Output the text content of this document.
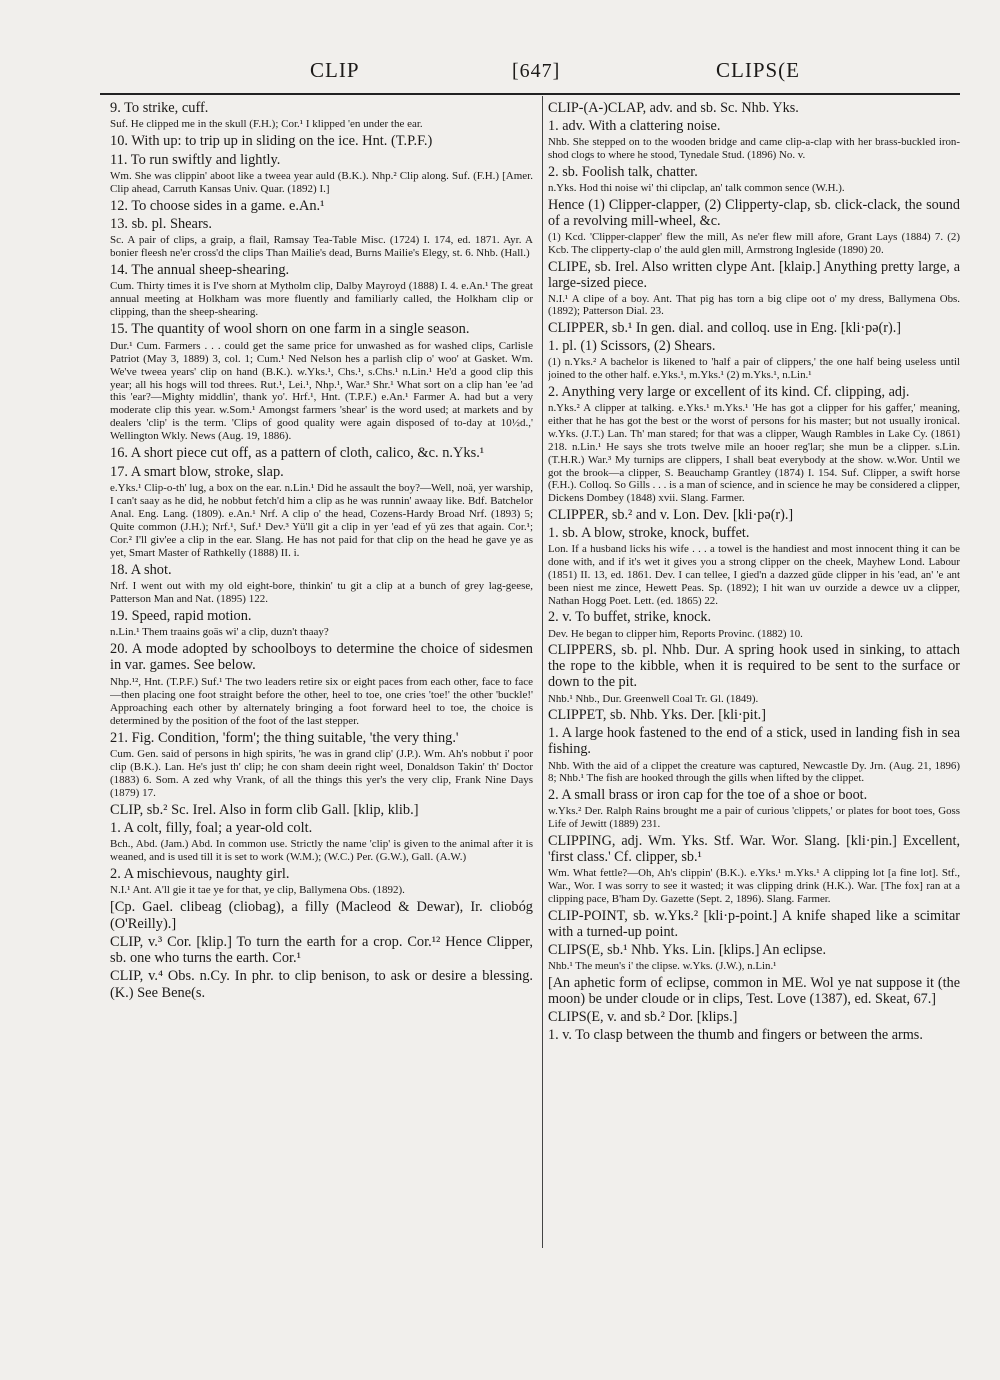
CLIP	[647]	CLIPS(E

9. To strike, cuff.

Suf. He clipped me in the skull (F.H.); Cor.¹ I klipped 'en under the ear.

10. With up: to trip up in sliding on the ice. Hnt. (T.P.F.)

11. To run swiftly and lightly.

Wm. She was clippin' aboot like a tweea year auld (B.K.). Nhp.² Clip along. Suf. (F.H.) [Amer. Clip ahead, Carruth Kansas Univ. Quar. (1892) I.]

12. To choose sides in a game. e.An.¹

13. sb. pl. Shears.

Sc. A pair of clips, a graip, a flail, Ramsay Tea-Table Misc. (1724) I. 174, ed. 1871. Ayr. A bonier fleesh ne'er cross'd the clips Than Mailie's dead, Burns Mailie's Elegy, st. 6. Nhb. (Hall.)

14. The annual sheep-shearing.

Cum. Thirty times it is I've shorn at Mytholm clip, Dalby Mayroyd (1888) I. 4. e.An.¹ The great annual meeting at Holkham was more fluently and familiarly called, the Holkham clip or clipping, than the sheep-shearing.

15. The quantity of wool shorn on one farm in a single season.

Dur.¹ Cum. Farmers . . . could get the same price for unwashed as for washed clips, Carlisle Patriot (May 3, 1889) 3, col. 1; Cum.¹ Ned Nelson hes a parlish clip o' woo' at Gasket. Wm. We've tweea years' clip on hand (B.K.). w.Yks.¹, Chs.¹, s.Chs.¹ n.Lin.¹ He'd a good clip this year; all his hogs will tod threes. Rut.¹, Lei.¹, Nhp.¹, War.³ Shr.¹ What sort on a clip han 'ee 'ad this 'ear?—Mighty middlin', thank yo'. Hrf.¹, Hnt. (T.P.F.) e.An.¹ Farmer A. had but a very moderate clip this year. w.Som.¹ Amongst farmers 'shear' is the word used; at markets and by dealers 'clip' is the term. 'Clips of good quality were again disposed of to-day at 10½d.,' Wellington Wkly. News (Aug. 19, 1886).

16. A short piece cut off, as a pattern of cloth, calico, &c. n.Yks.¹

17. A smart blow, stroke, slap.

e.Yks.¹ Clip-o-th' lug, a box on the ear. n.Lin.¹ Did he assault the boy?—Well, noä, yer warship, I can't saay as he did, he nobbut fetch'd him a clip as he was runnin' awaay like. Bdf. Batchelor Anal. Eng. Lang. (1809). e.An.¹ Nrf. A clip o' the head, Cozens-Hardy Broad Nrf. (1893) 5; Quite common (J.H.); Nrf.¹, Suf.¹ Dev.³ Yü'll git a clip in yer 'ead ef yü zes that again. Cor.¹; Cor.² I'll giv'ee a clip in the ear. Slang. He has not paid for that clip on the head he gave ye as yet, Smart Master of Rathkelly (1888) II. i.

18. A shot.

Nrf. I went out with my old eight-bore, thinkin' tu git a clip at a bunch of grey lag-geese, Patterson Man and Nat. (1895) 122.

19. Speed, rapid motion.

n.Lin.¹ Them traains goäs wi' a clip, duzn't thaay?

20. A mode adopted by schoolboys to determine the choice of sidesmen in var. games. See below.

Nhp.¹², Hnt. (T.P.F.) Suf.¹ The two leaders retire six or eight paces from each other, face to face—then placing one foot straight before the other, heel to toe, one cries 'toe!' the other 'buckle!' Approaching each other by alternately bringing a foot forward heel to toe, the choice is determined by the position of the foot of the last stepper.

21. Fig. Condition, 'form'; the thing suitable, 'the very thing.'

Cum. Gen. said of persons in high spirits, 'he was in grand clip' (J.P.). Wm. Ah's nobbut i' poor clip (B.K.). Lan. He's just th' clip; he con sham deein right weel, Donaldson Takin' th' Doctor (1883) 6. Som. A zed why Vrank, of all the things this yer's the very clip, Frank Nine Days (1879) 17.

CLIP, sb.² Sc. Irel. Also in form clib Gall. [klip, klib.]

1. A colt, filly, foal; a year-old colt.

Bch., Abd. (Jam.) Abd. In common use. Strictly the name 'clip' is given to the animal after it is weaned, and is used till it is set to work (W.M.); (W.C.) Per. (G.W.), Gall. (A.W.)

2. A mischievous, naughty girl.

N.I.¹ Ant. A'll gie it tae ye for that, ye clip, Ballymena Obs. (1892).

[Cp. Gael. clibeag (cliobag), a filly (Macleod & Dewar), Ir. cliobóg (O'Reilly).]

CLIP, v.³ Cor. [klip.] To turn the earth for a crop. Cor.¹² Hence Clipper, sb. one who turns the earth. Cor.¹

CLIP, v.⁴ Obs. n.Cy. In phr. to clip benison, to ask or desire a blessing. (K.) See Bene(s.

CLIP-(A-)CLAP, adv. and sb. Sc. Nhb. Yks.

1. adv. With a clattering noise.

Nhb. She stepped on to the wooden bridge and came clip-a-clap with her brass-buckled iron-shod clogs to where he stood, Tynedale Stud. (1896) No. v.

2. sb. Foolish talk, chatter.

n.Yks. Hod thi noise wi' thi clipclap, an' talk common sence (W.H.).

Hence (1) Clipper-clapper, (2) Clipperty-clap, sb. click-clack, the sound of a revolving mill-wheel, &c.

(1) Kcd. 'Clipper-clapper' flew the mill, As ne'er flew mill afore, Grant Lays (1884) 7. (2) Kcb. The clipperty-clap o' the auld glen mill, Armstrong Ingleside (1890) 20.

CLIPE, sb. Irel. Also written clype Ant. [klaip.] Anything pretty large, a large-sized piece.

N.I.¹ A clipe of a boy. Ant. That pig has torn a big clipe oot o' my dress, Ballymena Obs. (1892); Patterson Dial. 23.

CLIPPER, sb.¹ In gen. dial. and colloq. use in Eng. [kli·pə(r).]

1. pl. (1) Scissors, (2) Shears.

(1) n.Yks.² A bachelor is likened to 'half a pair of clippers,' the one half being useless until joined to the other half. e.Yks.¹, m.Yks.¹ (2) m.Yks.¹, n.Lin.¹

2. Anything very large or excellent of its kind. Cf. clipping, adj.

n.Yks.² A clipper at talking. e.Yks.¹ m.Yks.¹ 'He has got a clipper for his gaffer,' meaning, either that he has got the best or the worst of persons for his master; but not usually ironical. w.Yks. (J.T.) Lan. Th' man stared; for that was a clipper, Waugh Rambles in Lake Cy. (1861) 218. n.Lin.¹ He says she trots twelve mile an hooer reg'lar; she mun be a clipper. s.Lin. (T.H.R.) War.³ My turnips are clippers, I shall beat everybody at the show. w.Wor. Until we got the brook—a clipper, S. Beauchamp Grantley (1874) I. 154. Suf. Clipper, a swift horse (F.H.). Colloq. So Gills . . . is a man of science, and in science he may be considered a clipper, Dickens Dombey (1848) xvii. Slang. Farmer.

CLIPPER, sb.² and v. Lon. Dev. [kli·pə(r).]

1. sb. A blow, stroke, knock, buffet.

Lon. If a husband licks his wife . . . a towel is the handiest and most innocent thing it can be done with, and if it's wet it gives you a strong clipper on the cheek, Mayhew Lond. Labour (1851) II. 13, ed. 1861. Dev. I can tellee, I gied'n a dazzed güde clipper in his 'ead, an' 'e ant been niest me zince, Hewett Peas. Sp. (1892); I hit wan uv ourzide a dewce uv a clipper, Nathan Hogg Poet. Lett. (ed. 1865) 22.

2. v. To buffet, strike, knock.

Dev. He began to clipper him, Reports Provinc. (1882) 10.

CLIPPERS, sb. pl. Nhb. Dur. A spring hook used in sinking, to attach the rope to the kibble, when it is required to be sent to the surface or down to the pit.

Nhb.¹ Nhb., Dur. Greenwell Coal Tr. Gl. (1849).

CLIPPET, sb. Nhb. Yks. Der. [kli·pit.]

1. A large hook fastened to the end of a stick, used in landing fish in sea fishing.

Nhb. With the aid of a clippet the creature was captured, Newcastle Dy. Jrn. (Aug. 21, 1896) 8; Nhb.¹ The fish are hooked through the gills when lifted by the clippet.

2. A small brass or iron cap for the toe of a shoe or boot.

w.Yks.² Der. Ralph Rains brought me a pair of curious 'clippets,' or plates for boot toes, Goss Life of Jewitt (1889) 231.

CLIPPING, adj. Wm. Yks. Stf. War. Wor. Slang. [kli·pin.] Excellent, 'first class.' Cf. clipper, sb.¹

Wm. What fettle?—Oh, Ah's clippin' (B.K.). e.Yks.¹ m.Yks.¹ A clipping lot [a fine lot]. Stf., War., Wor. I was sorry to see it wasted; it was clipping drink (H.K.). War. [The fox] ran at a clipping pace, B'ham Dy. Gazette (Sept. 2, 1896). Slang. Farmer.

CLIP-POINT, sb. w.Yks.² [kli·p-point.] A knife shaped like a scimitar with a turned-up point.

CLIPS(E, sb.¹ Nhb. Yks. Lin. [klips.] An eclipse.

Nhb.¹ The meun's i' the clipse. w.Yks. (J.W.), n.Lin.¹

[An aphetic form of eclipse, common in ME. Wol ye nat suppose it (the moon) be under cloude or in clips, Test. Love (1387), ed. Skeat, 67.]

CLIPS(E, v. and sb.² Dor. [klips.]

1. v. To clasp between the thumb and fingers or between the arms.
